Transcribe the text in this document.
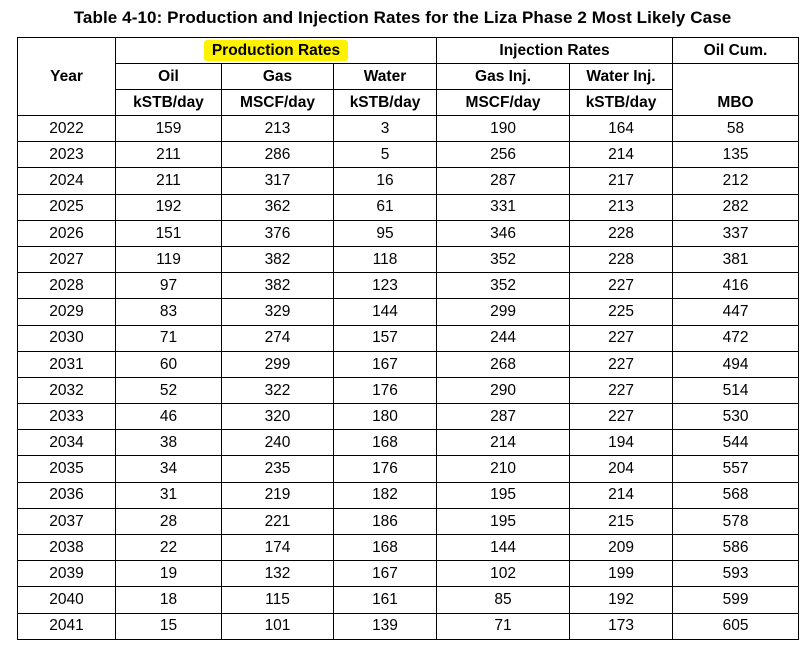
Table 4-10: Production and Injection Rates for the Liza Phase 2 Most Likely Case
Year	Production Rates			Injection Rates		Oil Cum.
	Oil	Gas	Water	Gas Inj.	Water Inj.	
	kSTB/day	MSCF/day	kSTB/day	MSCF/day	kSTB/day	MBO
2022	159	213	3	190	164	58
2023	211	286	5	256	214	135
2024	211	317	16	287	217	212
2025	192	362	61	331	213	282
2026	151	376	95	346	228	337
2027	119	382	118	352	228	381
2028	97	382	123	352	227	416
2029	83	329	144	299	225	447
2030	71	274	157	244	227	472
2031	60	299	167	268	227	494
2032	52	322	176	290	227	514
2033	46	320	180	287	227	530
2034	38	240	168	214	194	544
2035	34	235	176	210	204	557
2036	31	219	182	195	214	568
2037	28	221	186	195	215	578
2038	22	174	168	144	209	586
2039	19	132	167	102	199	593
2040	18	115	161	85	192	599
2041	15	101	139	71	173	605
